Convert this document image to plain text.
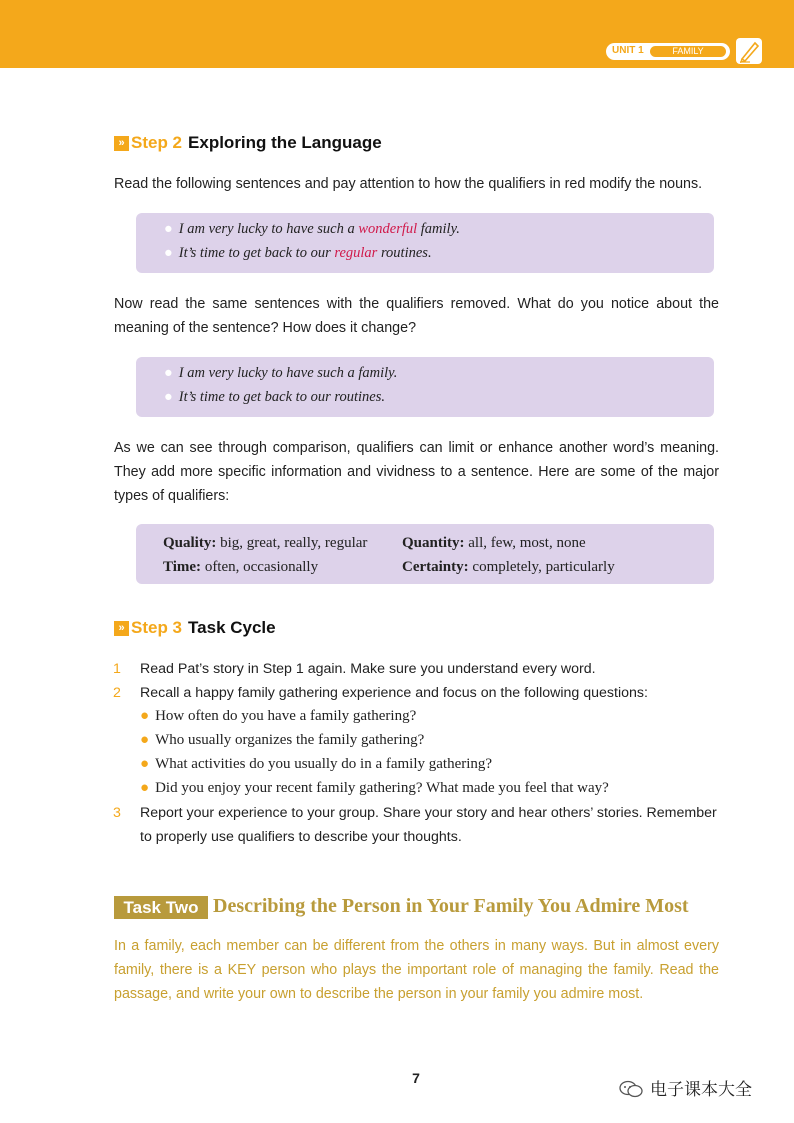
UNIT 1	FAMILY
» Step 2 Exploring the Language
Read the following sentences and pay attention to how the qualifiers in red modify the nouns.
● I am very lucky to have such a wonderful family.
● It’s time to get back to our regular routines.
Now read the same sentences with the qualifiers removed. What do you notice about the meaning of the sentence? How does it change?
● I am very lucky to have such a family.
● It’s time to get back to our routines.
As we can see through comparison, qualifiers can limit or enhance another word’s meaning. They add more specific information and vividness to a sentence. Here are some of the major types of qualifiers:
Quality: big, great, really, regular Quantity: all, few, most, none
Time: often, occasionally	Certainty: completely, particularly
» Step 3 Task Cycle
1 Read Pat’s story in Step 1 again. Make sure you understand every word.
2 Recall a happy family gathering experience and focus on the following questions:
● How often do you have a family gathering?
● Who usually organizes the family gathering?
● What activities do you usually do in a family gathering?
● Did you enjoy your recent family gathering? What made you feel that way?
3 Report your experience to your group. Share your story and hear others’ stories. Remember to properly use qualifiers to describe your thoughts.
Task Two Describing the Person in Your Family You Admire Most
In a family, each member can be different from the others in many ways. But in almost every family, there is a KEY person who plays the important role of managing the family. Read the passage, and write your own to describe the person in your family you admire most.
7
电子课本大全
